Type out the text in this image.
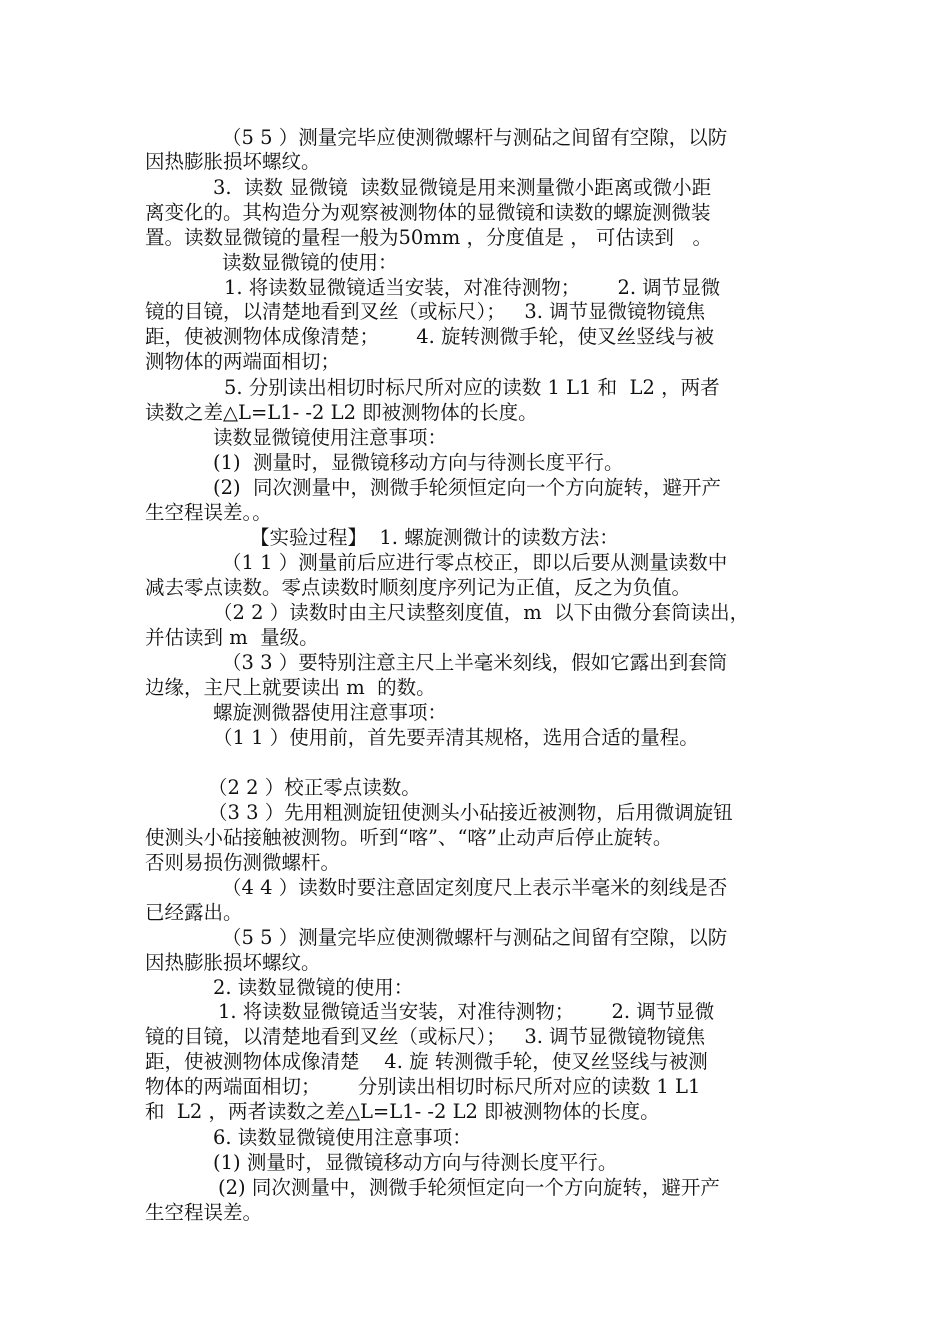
（5 5 ）测量完毕应使测微螺杆与测砧之间留有空隙，以防

因热膨胀损坏螺纹。

3.  读数 显微镜  读数显微镜是用来测量微小距离或微小距

离变化的。其构造分为观察被测物体的显微镜和读数的螺旋测微装

置。读数显微镜的量程一般为50mm ，分度值是 ， 可估读到   。

读数显微镜的使用：

1. 将读数显微镜适当安装，对准待测物；      2. 调节显微

镜的目镜，以清楚地看到叉丝（或标尺）；   3. 调节显微镜物镜焦

距，使被测物体成像清楚；      4. 旋转测微手轮，使叉丝竖线与被

测物体的两端面相切；

5. 分别读出相切时标尺所对应的读数 1 L1 和  L2 ，两者

读数之差△L=L1- -2 L2 即被测物体的长度。

读数显微镜使用注意事项：

(1)  测量时，显微镜移动方向与待测长度平行。

(2)  同次测量中，测微手轮须恒定向一个方向旋转，避开产

生空程误差。。

【实验过程】  1. 螺旋测微计的读数方法：

（1 1 ）测量前后应进行零点校正，即以后要从测量读数中

减去零点读数。零点读数时顺刻度序列记为正值，反之为负值。

（2 2 ）读数时由主尺读整刻度值，m  以下由微分套筒读出，

并估读到 m  量级。

（3 3 ）要特别注意主尺上半毫米刻线，假如它露出到套筒

边缘，主尺上就要读出 m  的数。

螺旋测微器使用注意事项：

（1 1 ）使用前，首先要弄清其规格，选用合适的量程。

（2 2 ）校正零点读数。

（3 3 ）先用粗测旋钮使测头小砧接近被测物，后用微调旋钮

使测头小砧接触被测物。听到“喀”、“喀”止动声后停止旋转。

否则易损伤测微螺杆。

（4 4 ）读数时要注意固定刻度尺上表示半毫米的刻线是否

已经露出。

（5 5 ）测量完毕应使测微螺杆与测砧之间留有空隙，以防

因热膨胀损坏螺纹。

2. 读数显微镜的使用：

1. 将读数显微镜适当安装，对准待测物；      2. 调节显微

镜的目镜，以清楚地看到叉丝（或标尺）；   3. 调节显微镜物镜焦

距，使被测物体成像清楚    4. 旋 转测微手轮，使叉丝竖线与被测

物体的两端面相切；      分别读出相切时标尺所对应的读数 1 L1

和  L2 ，两者读数之差△L=L1- -2 L2 即被测物体的长度。

6. 读数显微镜使用注意事项：

(1) 测量时，显微镜移动方向与待测长度平行。

(2) 同次测量中，测微手轮须恒定向一个方向旋转，避开产

生空程误差。
